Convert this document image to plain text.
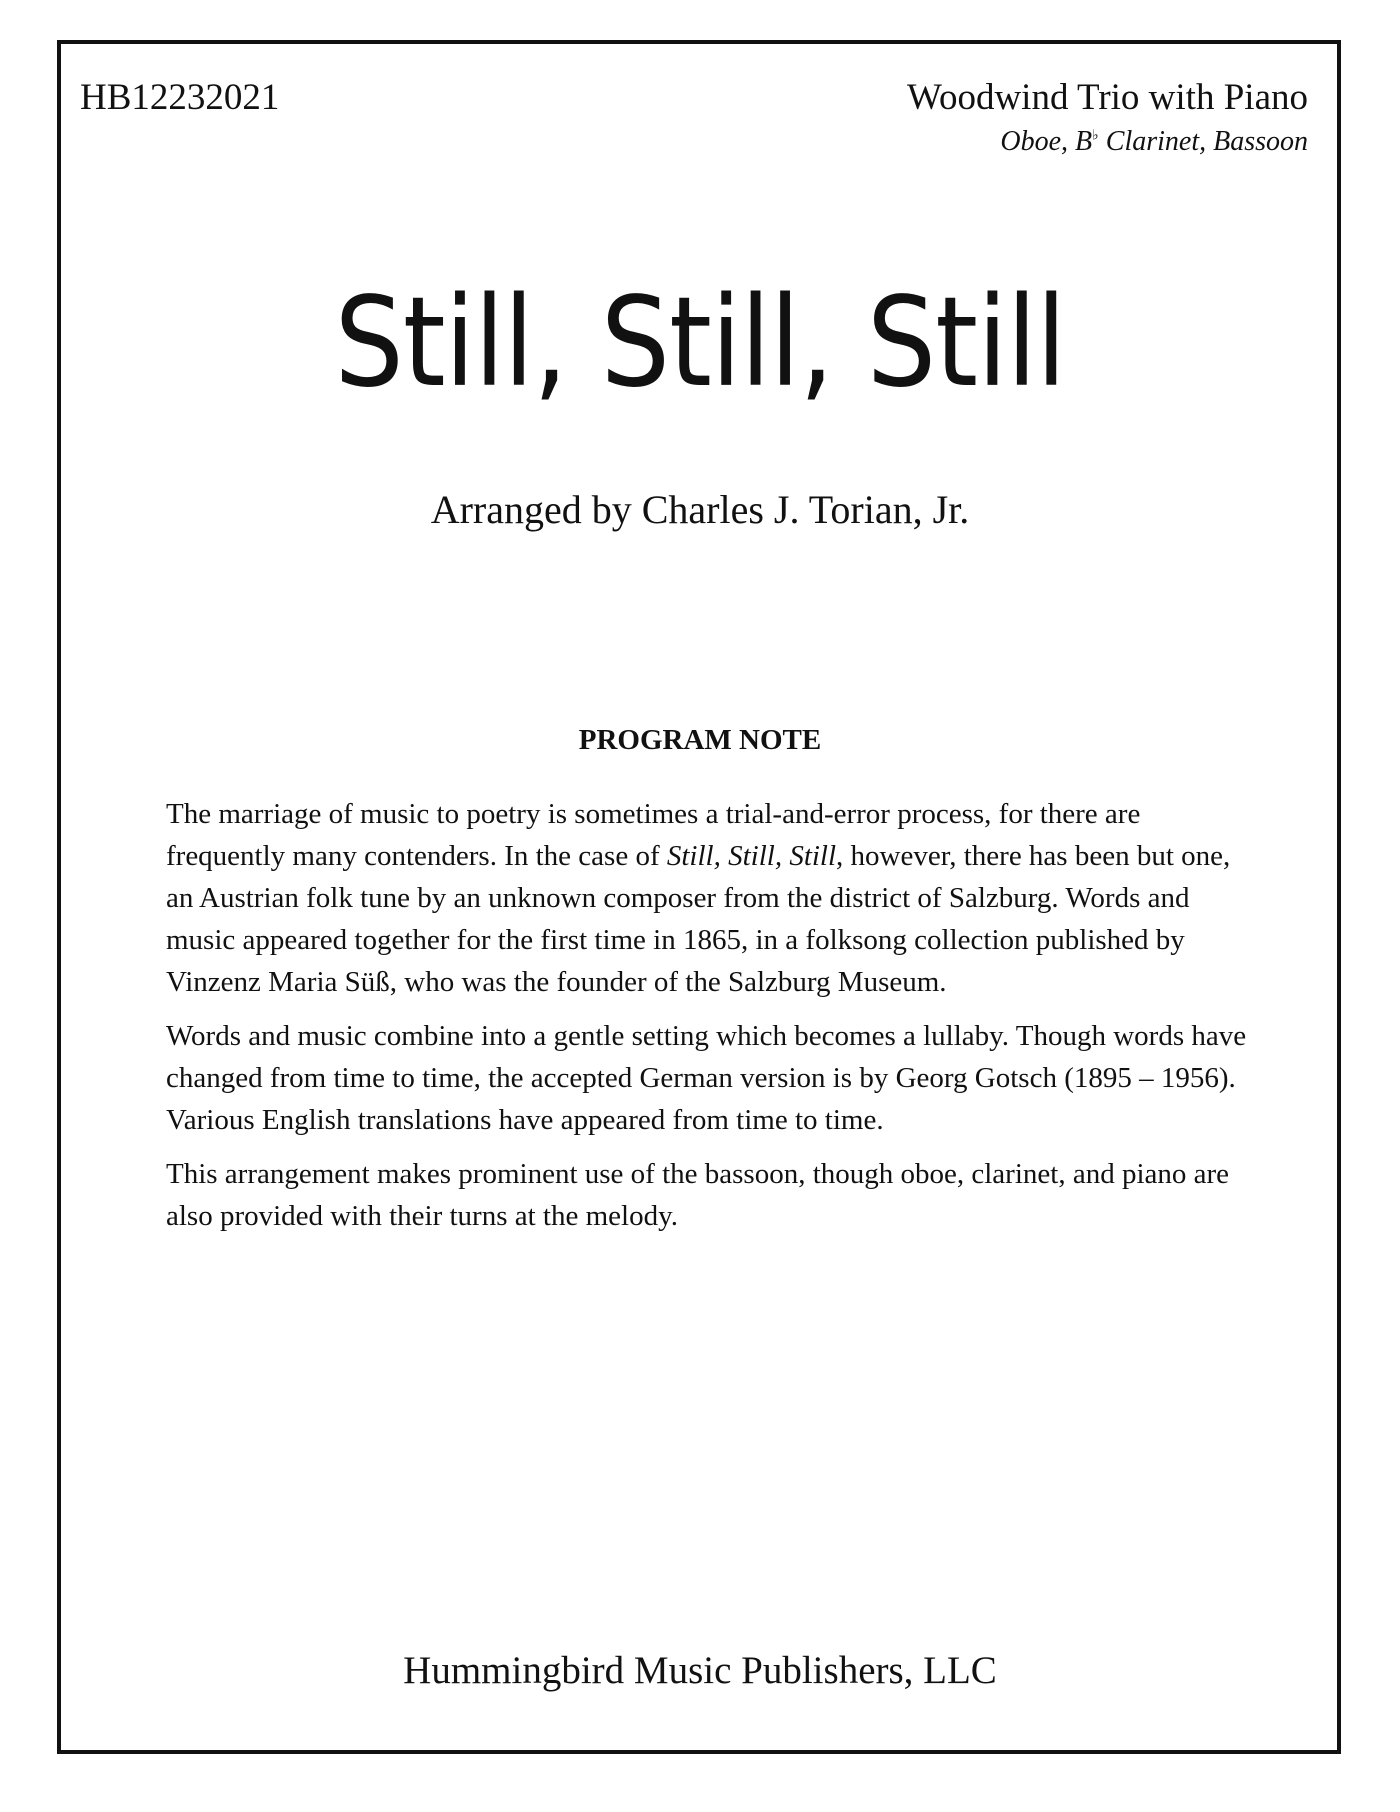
HB12232021	Woodwind Trio with Piano
Oboe, B♭ Clarinet, Bassoon
Still, Still, Still
Arranged by Charles J. Torian, Jr.
PROGRAM NOTE

The marriage of music to poetry is sometimes a trial-and-error process, for there are frequently many contenders. In the case of Still, Still, Still, however, there has been but one, an Austrian folk tune by an unknown composer from the district of Salzburg. Words and music appeared together for the first time in 1865, in a folksong collection published by Vinzenz Maria Süß, who was the founder of the Salzburg Museum.

Words and music combine into a gentle setting which becomes a lullaby. Though words have changed from time to time, the accepted German version is by Georg Gotsch (1895 – 1956). Various English translations have appeared from time to time.

This arrangement makes prominent use of the bassoon, though oboe, clarinet, and piano are also provided with their turns at the melody.

Hummingbird Music Publishers, LLC
